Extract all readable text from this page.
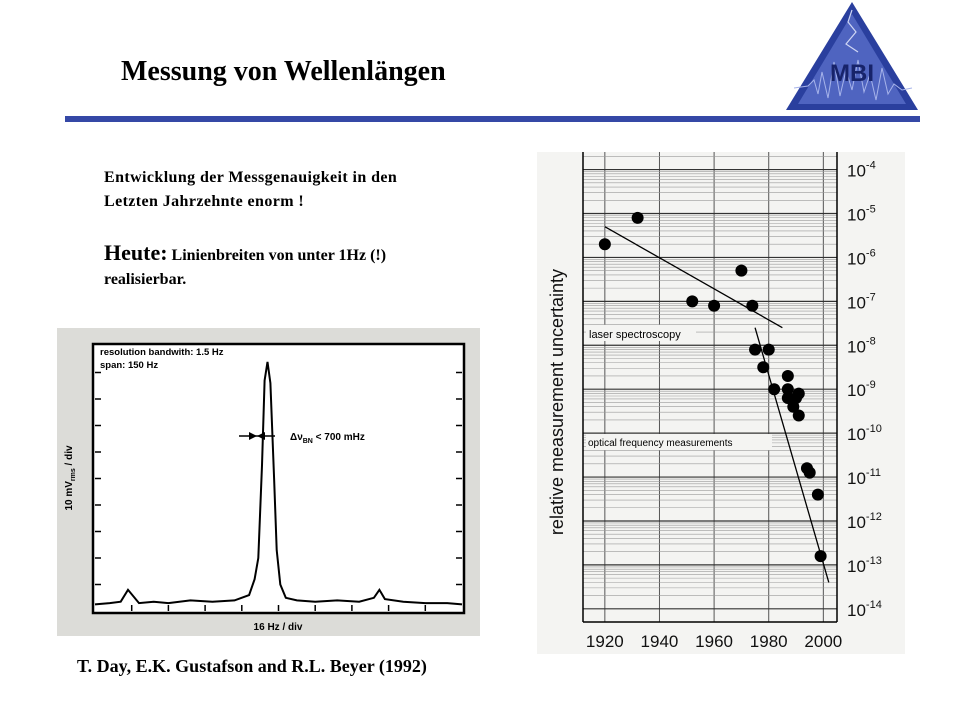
Messung von Wellenlängen	MBI
Entwicklung der Messgenauigkeit in den
Letzten Jahrzehnte enorm !
Heute: Linienbreiten von unter 1Hz (!)
realisierbar.
resolution bandwith: 1.5 Hz
span: 150 Hz
$\Delta\nu_{BN} < 700$ mHz
16 Hz / div
10 $mV_{rms}$ / div
laser spectroscopy
optical frequency measurements
$10^{-4}$
$10^{-5}$
$10^{-6}$
$10^{-7}$
$10^{-8}$
$10^{-9}$
$10^{-10}$
$10^{-11}$
$10^{-12}$
$10^{-13}$
$10^{-14}$
1920 1940 1960 1980 2000
relative measurement uncertainty
T. Day, E.K. Gustafson and R.L. Beyer (1992)
